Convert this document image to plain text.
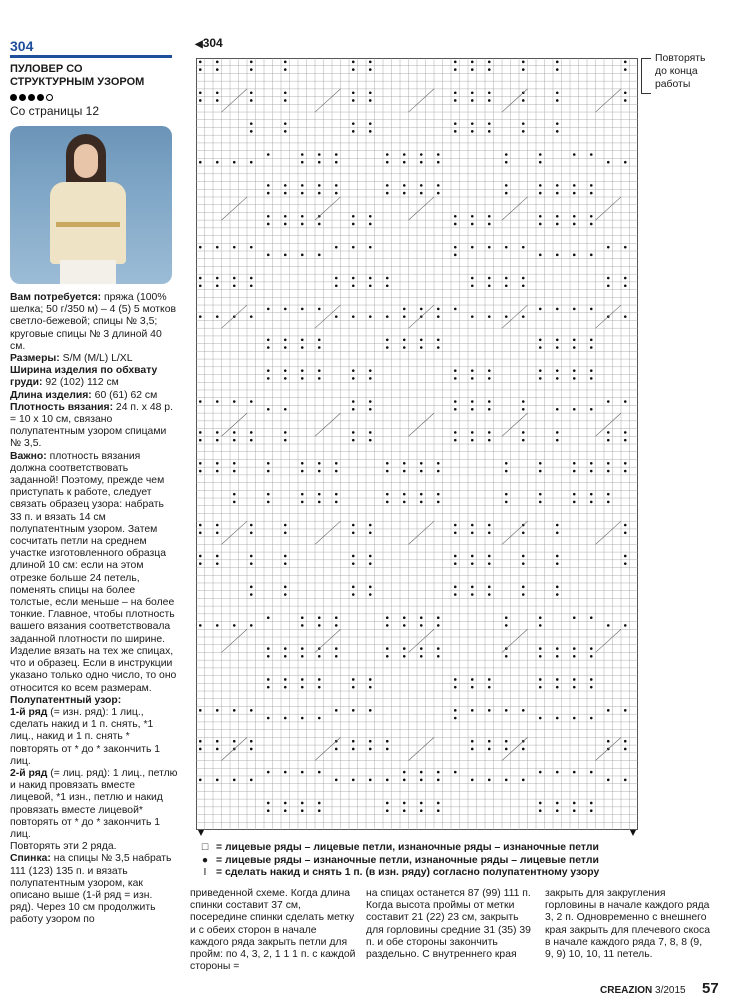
304
ПУЛОВЕР СО
СТРУКТУРНЫМ УЗОРОМ
Со страницы 12

Вам потребуется: пряжа (100% шелка; 50 г/350 м) – 4 (5) 5 мотков светло-бежевой; спицы № 3,5; круговые спицы № 3 длиной 40 см.

Размеры: S/M (M/L) L/XL

Ширина изделия по обхвату груди: 92 (102) 112 см

Длина изделия: 60 (61) 62 см

Плотность вязания: 24 п. х 48 р. = 10 х 10 см, связано полупатентным узором спицами № 3,5.

Важно: плотность вязания должна соответствовать заданной! Поэтому, прежде чем приступать к работе, следует связать образец узора: набрать 33 п. и вязать 14 см полупатентным узором. Затем сосчитать петли на среднем участке изготовленного образца длиной 10 см: если на этом отрезке больше 24 петель, поменять спицы на более толстые, если меньше – на более тонкие. Главное, чтобы плотность вашего вязания соответствовала заданной плотности по ширине. Изделие вязать на тех же спицах, что и образец. Если в инструкции указано только одно число, то оно относится ко всем размерам.

Полупатентный узор:

1-й ряд (= изн. ряд): 1 лиц., сделать накид и 1 п. снять, *1 лиц., накид и 1 п. снять * повторять от * до * закончить 1 лиц.

2-й ряд (= лиц. ряд): 1 лиц., петлю и накид провязать вместе лицевой, *1 изн., петлю и накид провязать вместе лицевой* повторять от * до * закончить 1 лиц.

Повторять эти 2 ряда.

Спинка: на спицы № 3,5 набрать 111 (123) 135 п. и вязать полупатентным узором, как описано выше (1-й ряд = изн. ряд). Через 10 см продолжить работу узором по

◀304
Повторять
до конца
работы
□ = лицевые ряды – лицевые петли, изнаночные ряды – изнаночные петли
● = лицевые ряды – изнаночные петли, изнаночные ряды – лицевые петли
I = сделать накид и снять 1 п. (в изн. ряду) согласно полупатентному узору
приведенной схеме. Когда длина спинки составит 37 см, посередине спинки сделать метку и с обеих сторон в начале каждого ряда закрыть петли для пройм: по 4, 3, 2, 1 1 1 п. с каждой стороны =
на спицах останется 87 (99) 111 п. Когда высота проймы от метки составит 21 (22) 23 см, закрыть для горловины средние 31 (35) 39 п. и обе стороны закончить раздельно. С внутреннего края
закрыть для закругления горловины в начале каждого ряда 3, 2 п. Одновременно с внешнего края закрыть для плечевого скоса в начале каждого ряда 7, 8, 8 (9, 9, 9) 10, 10, 11 петель.
CREAZION 3/2015 57
